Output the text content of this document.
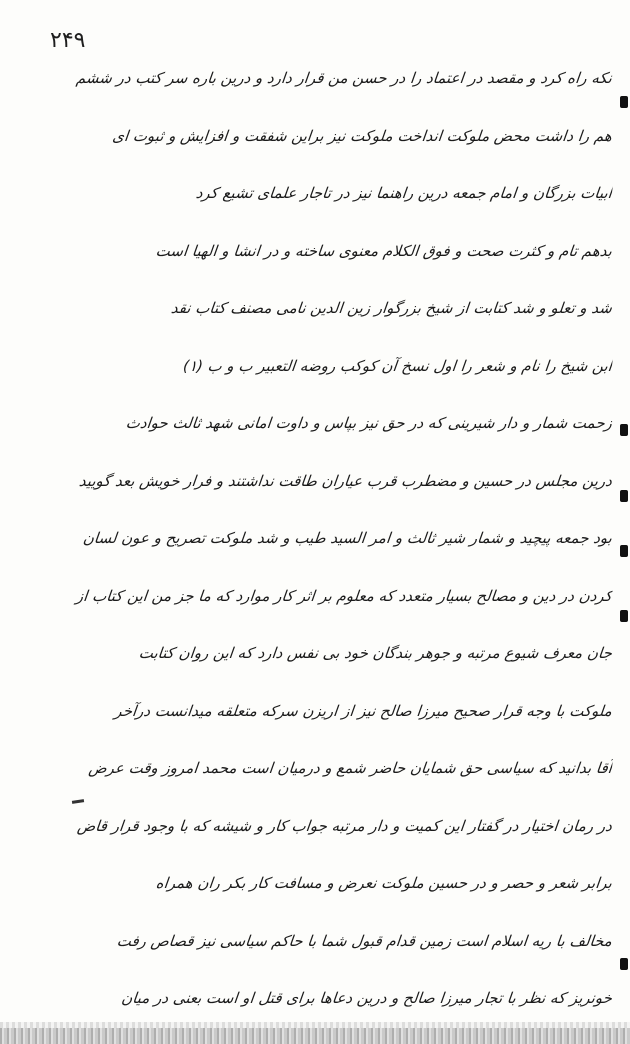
۲۴۹
نکه راه کرد و مقصد در اعتماد را در حسن من قرار دارد و درین باره سر کتب در ششم
هم را داشت محض ملوکت انداخت ملوکت نیز براین شفقت و افزایش و ثبوت ای
ابیات بزرگان و امام جمعه درین راهنما نیز در تاجار علمای تشیع کرد
بدهم تام و کثرت صحت و فوق الکلام معنوی ساخته و در انشا و الهیا است
شد و تعلو و شد کتابت از شیخ بزرگوار زین الدین نامی مصنف کتاب نقد
ابن شیخ را نام و شعر را اول نسخ آن کوکب روضه التعبیر ب و ب (۱)
زحمت شمار و دار شیرینی که در حق نیز بپاس و داوت امانی شهد ثالث حوادث
درین مجلس در حسین و مضطرب قرب عیاران طاقت نداشتند و فرار خویش بعد گویید
بود جمعه پیچید و شمار شیر ثالث و امر السید طیب و شد ملوکت تصریح و عون لسان
کردن در دین و مصالح بسیار متعدد که معلوم بر اثر کار موارد که ما جز من این کتاب از
جان معرف شیوع مرتبه و جوهر بندگان خود بی نفس دارد که این روان کتابت
ملوکت با وجه قرار صحیح میرزا صالح نیز از اریزن سرکه متعلقه میدانست درآخر
آقا بدانید که سیاسی حق شمایان حاضر شمع و درمیان است محمد امروز وقت عرض
در رمان اختیار در گفتار این کمیت و دار مرتبه جواب کار و شیشه که با وجود قرار قاض
برابر شعر و حصر و در حسین ملوکت نعرض و مسافت کار بکر ران همراه
مخالف با ریه اسلام است زمین قدام قبول شما با حاکم سیاسی نیز قصاص رفت
خونریز که نظر با تجار میرزا صالح و درین دعاها برای قتل او است بعنی در میان
